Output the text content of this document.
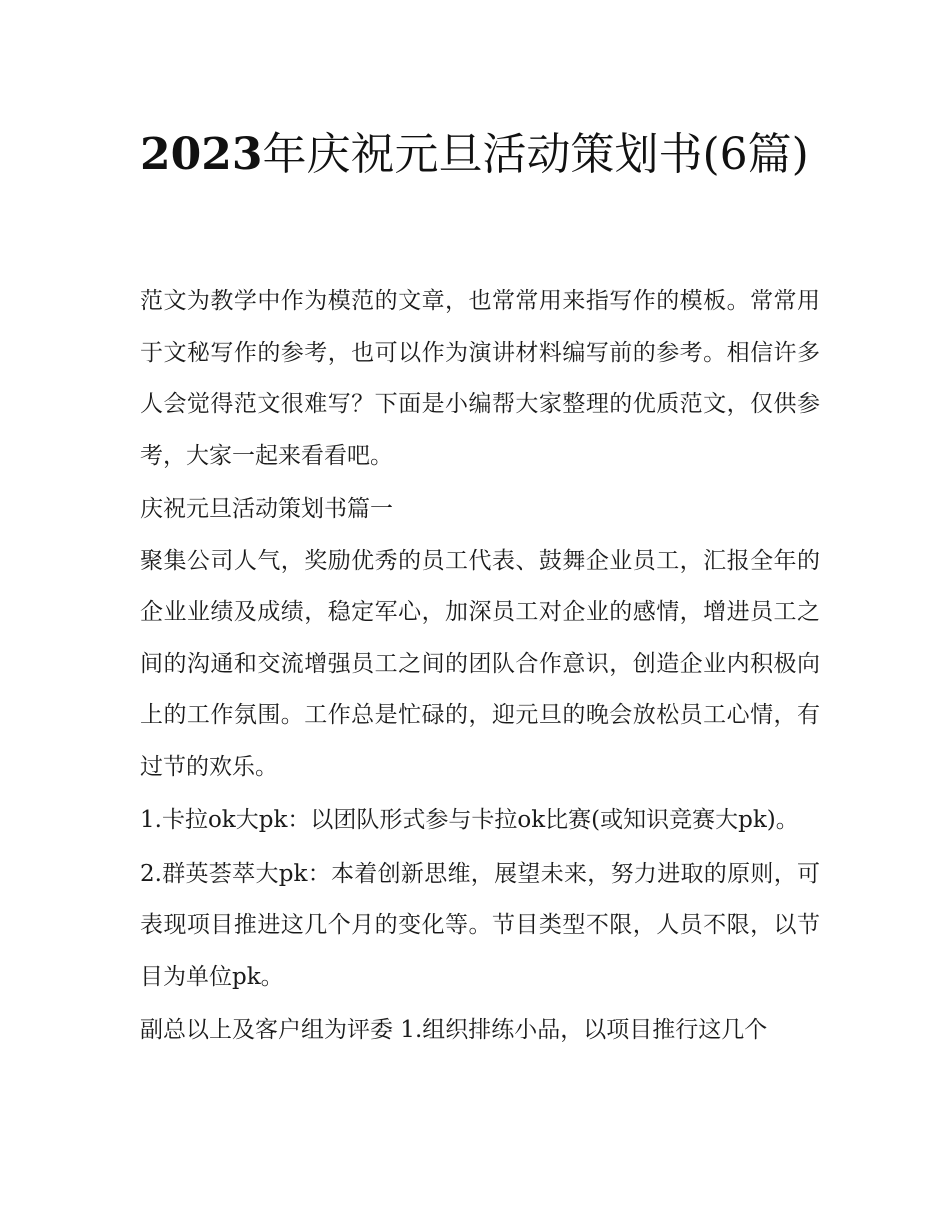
2023年庆祝元旦活动策划书(6篇)

范文为教学中作为模范的文章，也常常用来指写作的模板。常常用于文秘写作的参考，也可以作为演讲材料编写前的参考。相信许多人会觉得范文很难写？下面是小编帮大家整理的优质范文，仅供参考，大家一起来看看吧。

庆祝元旦活动策划书篇一

聚集公司人气，奖励优秀的员工代表、鼓舞企业员工，汇报全年的企业业绩及成绩，稳定军心，加深员工对企业的感情，增进员工之间的沟通和交流增强员工之间的团队合作意识，创造企业内积极向上的工作氛围。工作总是忙碌的，迎元旦的晚会放松员工心情，有过节的欢乐。

1.卡拉ok大pk：以团队形式参与卡拉ok比赛(或知识竞赛大pk)。

2.群英荟萃大pk：本着创新思维，展望未来，努力进取的原则，可表现项目推进这几个月的变化等。节目类型不限，人员不限，以节目为单位pk。

副总以上及客户组为评委 1.组织排练小品，以项目推行这几个
